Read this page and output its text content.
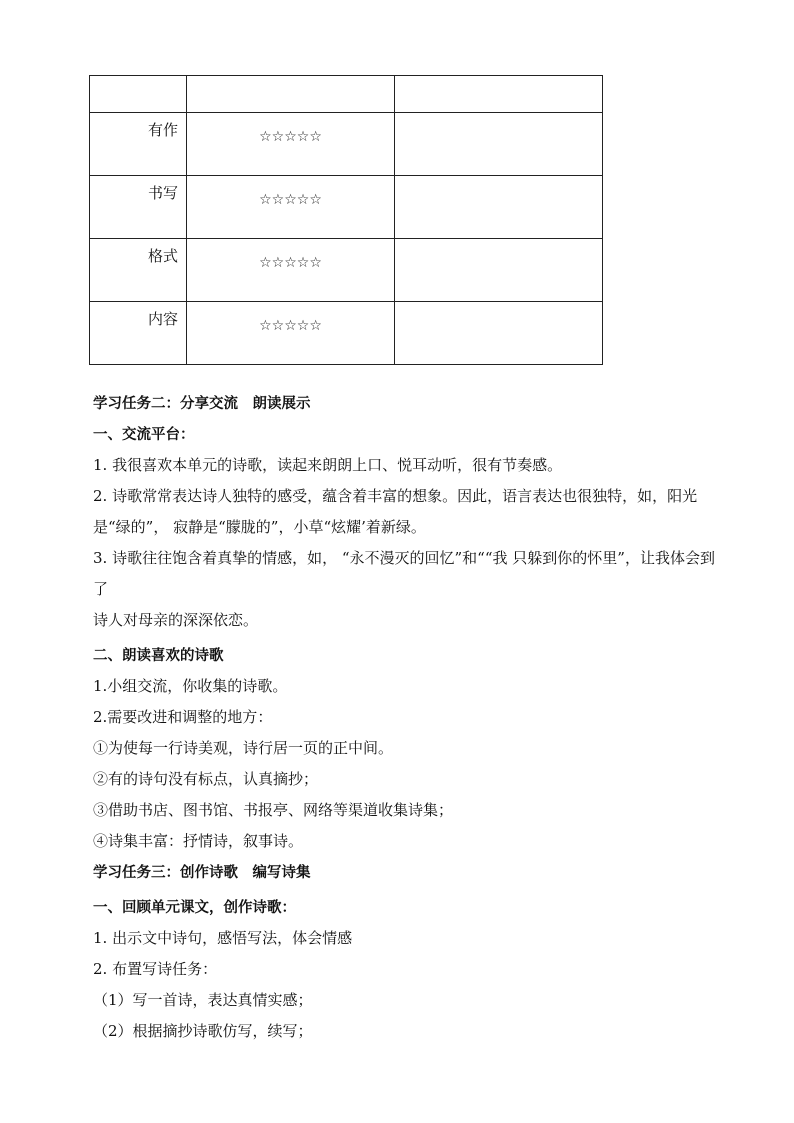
有作	☆☆☆☆☆	

书写	☆☆☆☆☆	

格式	☆☆☆☆☆	

内容	☆☆☆☆☆	

学习任务二：分享交流　朗读展示

一、交流平台：

1. 我很喜欢本单元的诗歌，读起来朗朗上口、悦耳动听，很有节奏感。

2. 诗歌常常表达诗人独特的感受，蕴含着丰富的想象。因此，语言表达也很独特，如，阳光是“绿的”， 寂静是“朦胧的”，小草“炫耀’着新绿。

3. 诗歌往往饱含着真挚的情感，如， “永不漫灭的回忆”和““我 只躲到你的怀里”，让我体会到了

诗人对母亲的深深依恋。

二、朗读喜欢的诗歌

1.小组交流，你收集的诗歌。

2.需要改进和调整的地方：

①为使每一行诗美观，诗行居一页的正中间。

②有的诗句没有标点，认真摘抄；

③借助书店、图书馆、书报亭、网络等渠道收集诗集；

④诗集丰富：抒情诗，叙事诗。

学习任务三：创作诗歌　编写诗集

一、回顾单元课文，创作诗歌：

1. 出示文中诗句，感悟写法，体会情感

2. 布置写诗任务：

（1）写一首诗，表达真情实感；

（2）根据摘抄诗歌仿写，续写；
